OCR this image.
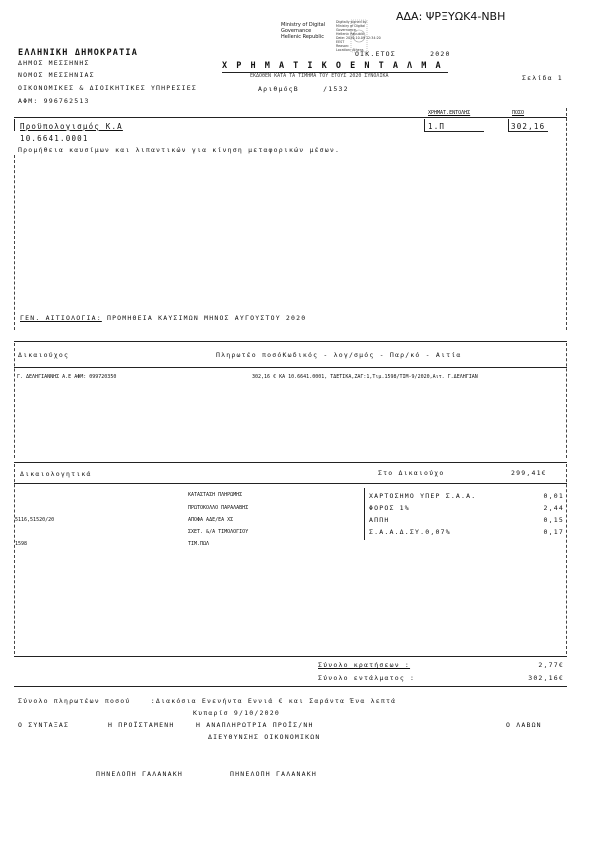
ΑΔΑ: ΨΡΞΥΩΚ4-ΝΒΗ
Ministry of Digital
Governance
Hellenic Republic
Digitally signed by
Ministry of Digital
Governance,
Hellenic Republic
Date: 2020.10.09 12:34:20
EEST
Reason:
Location: Athens
ΕΛΛΗΝΙΚΗ ΔΗΜΟΚΡΑΤΙΑ
ΔΗΜΟΣ ΜΕΣΣΗΝΗΣ
ΝΟΜΟΣ ΜΕΣΣΗΝΙΑΣ
ΟΙΚΟΝΟΜΙΚΕΣ & ΔΙΟΙΚΗΤΙΚΕΣ ΥΠΗΡΕΣΙΕΣ
ΑΦΜ: 996762513
ΟΙΚ.ΕΤΟΣ	2020
Χ Ρ Η Μ Α Τ Ι Κ Ο Ε Ν Τ Α Λ Μ Α
ΕΚΔΟΘΕΝ ΚΑΤΑ ΤΑ ΤΙΜΗΜΑ ΤΟΥ ΕΤΟΥΣ 2020 ΣΥΝΟΛΙΚΑ	Σελίδα 1
ΑριθμόςΒ	/1532
ΧΡΗΜΑΤ.ΕΝΤΟΛΗΣ	ΠΟΣΟ
Προϋπολογισμός Κ.Α	1.Π	302,16
10.6641.0001
Προμήθεια καυσίμων και λιπαντικών για κίνηση μεταφορικών μέσων.
ΓΕΝ. ΑΙΤΙΟΛΟΓΙΑ: ΠΡΟΜΗΘΕΙΑ ΚΑΥΣΙΜΩΝ ΜΗΝΟΣ ΑΥΓΟΥΣΤΟΥ 2020
Δικαιούχος	Πληρωτέο ποσόΚωδικός - λογ/σμός - Παρ/κό - Αιτία
Γ. ΔΕΛΗΓΙΑΝΝΗΣ Α.Ε ΑΦΜ: 099720350	302,16 € ΚΑ 10.6641.0001, ΤΔΕΤΙΚΑ,ΖΑΓ:1,Τιμ.1598/ΤΙΜ-9/2020,Αιτ. Γ.ΔΕΛΗΓΙΑΝ
Δικαιολογητικά	Στο Δικαιούχο	299,41€
5116,51520/20
1598
ΚΑΤΑΣΤΑΣΗ ΠΛΗΡΩΜΗΣ
ΠΡΩΤΟΚΟΛΛΟ ΠΑΡΑΛΑΒΗΣ
ΑΠΟΦΑ ΑΔΕ/ΕΑ ΧΣ
ΣΧΕΤ. &/Α ΤΙΜΟΛΟΓΙΟΥ
ΤΙΜ.ΠΩΛ
ΧΑΡΤΟΣΗΜΟ ΥΠΕΡ Σ.Α.Α.	0,01
ΦΟΡΟΣ 1%	2,44
ΑΠΠΗ	0,15
Σ.Α.Α.Δ.ΣΥ.0,07%	0,17
Σύνολο κρατήσεων :	2,77€
Σύνολο εντάλματος :	302,16€
Σύνολο πληρωτέων ποσού	:Διακόσια Ενενήντα Εννιά € και Σαράντα Ένα λεπτά
Κυπαρίσ 9/10/2020
Ο ΣΥΝΤΑΞΑΣ	Η ΠΡΟΪΣΤΑΜΕΝΗ	Η ΑΝΑΠΛΗΡΩΤΡΙΑ ΠΡΟΪΣ/ΝΗ	Ο ΛΑΒΩΝ
ΔΙΕΥΘΥΝΣΗΣ ΟΙΚΟΝΟΜΙΚΩΝ
ΠΗΝΕΛΟΠΗ ΓΑΛΑΝΑΚΗ	ΠΗΝΕΛΟΠΗ ΓΑΛΑΝΑΚΗ
